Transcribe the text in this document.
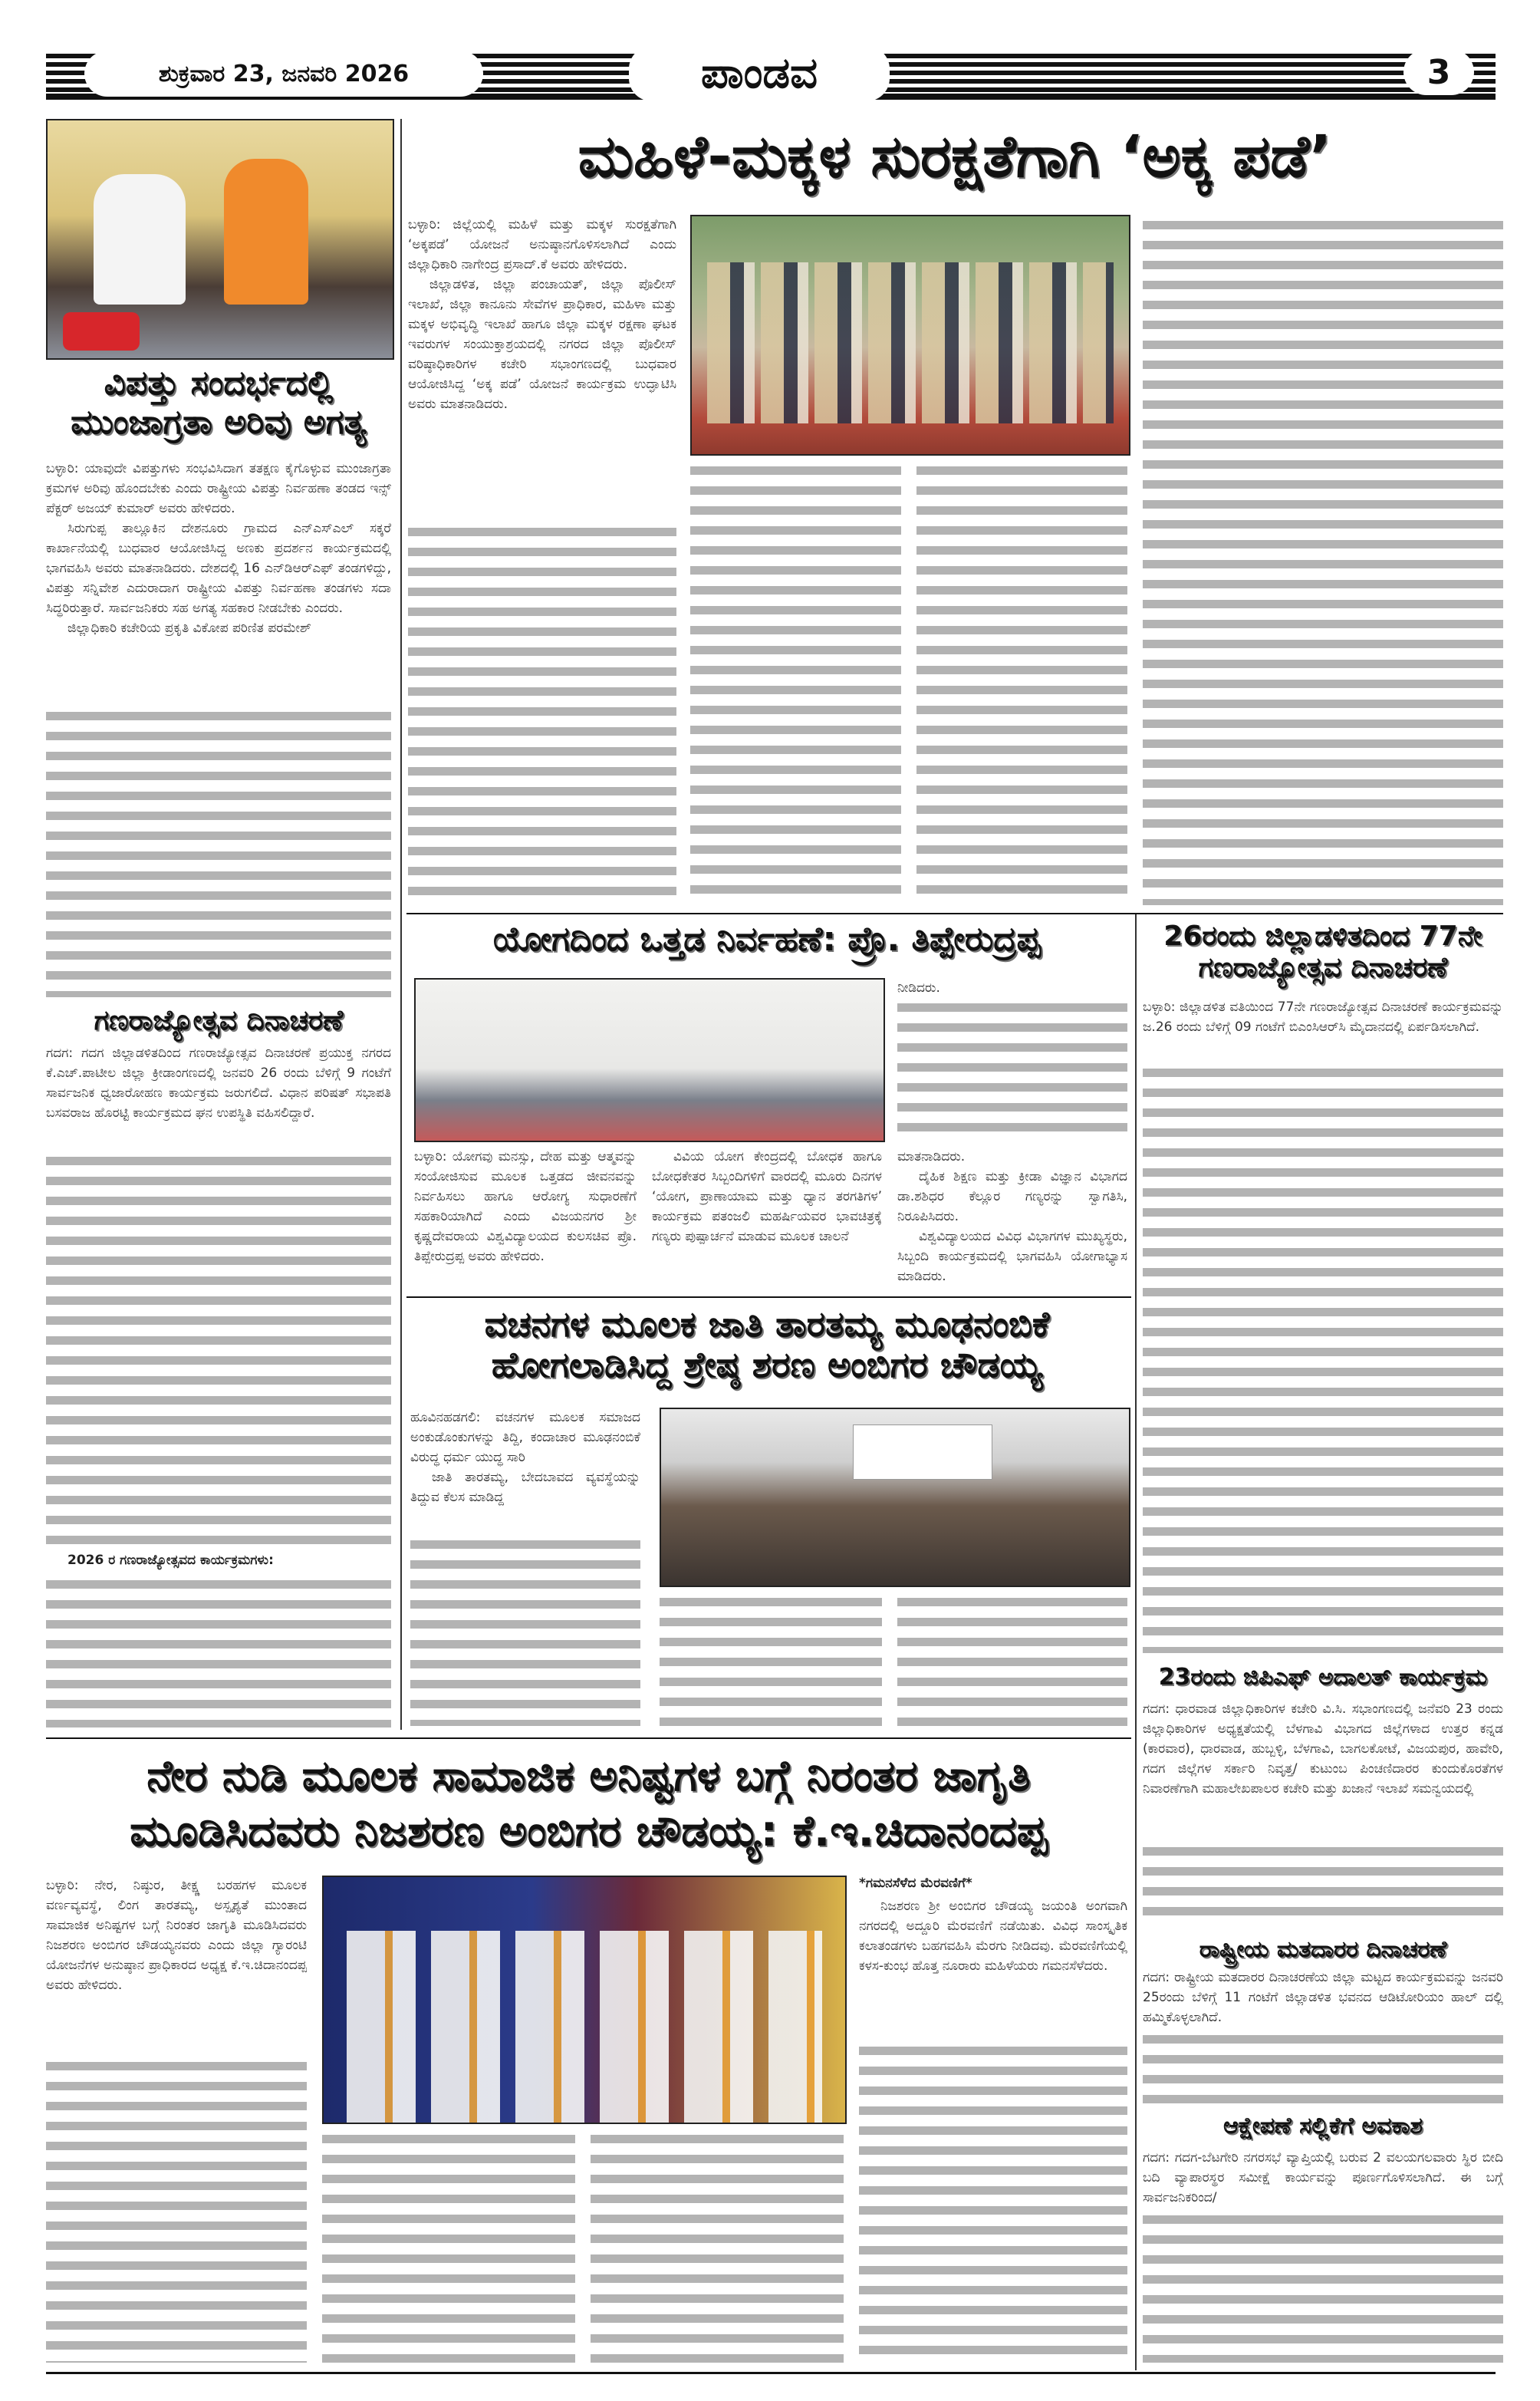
ಶುಕ್ರವಾರ 23, ಜನವರಿ 2026	ಪಾಂಡವ	3
ವಿಪತ್ತು ಸಂದರ್ಭದಲ್ಲಿ
ಮುಂಜಾಗ್ರತಾ ಅರಿವು ಅಗತ್ಯ

ಬಳ್ಳಾರಿ: ಯಾವುದೇ ವಿಪತ್ತುಗಳು ಸಂಭವಿಸಿದಾಗ ತತಕ್ಷಣ ಕೈಗೊಳ್ಳುವ ಮುಂಜಾಗ್ರತಾ ಕ್ರಮಗಳ ಅರಿವು ಹೊಂದಬೇಕು ಎಂದು ರಾಷ್ಟ್ರೀಯ ವಿಪತ್ತು ನಿರ್ವಹಣಾ ತಂಡದ ಇನ್ಸ್ ಪೆಕ್ಟರ್ ಅಜಯ್ ಕುಮಾರ್ ಅವರು ಹೇಳಿದರು.

ಸಿರುಗುಪ್ಪ ತಾಲ್ಲೂಕಿನ ದೇಶನೂರು ಗ್ರಾಮದ ಎನ್‌ಎಸ್‌ಎಲ್ ಸಕ್ಕರೆ ಕಾರ್ಖಾನೆಯಲ್ಲಿ ಬುಧವಾರ ಆಯೋಜಿಸಿದ್ದ ಅಣಕು ಪ್ರದರ್ಶನ ಕಾರ್ಯಕ್ರಮದಲ್ಲಿ ಭಾಗವಹಿಸಿ ಅವರು ಮಾತನಾಡಿದರು. ದೇಶದಲ್ಲಿ 16 ಎನ್‌ಡಿಆರ್‌ಎಫ್ ತಂಡಗಳಿದ್ದು, ವಿಪತ್ತು ಸನ್ನಿವೇಶ ಎದುರಾದಾಗ ರಾಷ್ಟ್ರೀಯ ವಿಪತ್ತು ನಿರ್ವಹಣಾ ತಂಡಗಳು ಸದಾ ಸಿದ್ಧರಿರುತ್ತಾರೆ. ಸಾರ್ವಜನಿಕರು ಸಹ ಅಗತ್ಯ ಸಹಕಾರ ನೀಡಬೇಕು ಎಂದರು.

ಜಿಲ್ಲಾಧಿಕಾರಿ ಕಚೇರಿಯ ಪ್ರಕೃತಿ ವಿಕೋಪ ಪರಿಣಿತ ಪರಮೇಶ್

ಗಣರಾಜ್ಯೋತ್ಸವ ದಿನಾಚರಣೆ

ಗದಗ: ಗದಗ ಜಿಲ್ಲಾಡಳಿತದಿಂದ ಗಣರಾಜ್ಯೋತ್ಸವ ದಿನಾಚರಣೆ ಪ್ರಯುಕ್ತ ನಗರದ ಕೆ.ಎಚ್.ಪಾಟೀಲ ಜಿಲ್ಲಾ ಕ್ರೀಡಾಂಗಣದಲ್ಲಿ ಜನವರಿ 26 ರಂದು ಬೆಳಿಗ್ಗೆ 9 ಗಂಟೆಗೆ ಸಾರ್ವಜನಿಕ ಧ್ವಜಾರೋಹಣ ಕಾರ್ಯಕ್ರಮ ಜರುಗಲಿದೆ. ವಿಧಾನ ಪರಿಷತ್ ಸಭಾಪತಿ ಬಸವರಾಜ ಹೊರಟ್ಟಿ ಕಾರ್ಯಕ್ರಮದ ಘನ ಉಪಸ್ಥಿತಿ ವಹಿಸಲಿದ್ದಾರೆ.

2026 ರ ಗಣರಾಜ್ಯೋತ್ಸವದ ಕಾರ್ಯಕ್ರಮಗಳು:
ಮಹಿಳೆ-ಮಕ್ಕಳ ಸುರಕ್ಷತೆಗಾಗಿ ‘ಅಕ್ಕ ಪಡೆ’

ಬಳ್ಳಾರಿ: ಜಿಲ್ಲೆಯಲ್ಲಿ ಮಹಿಳೆ ಮತ್ತು ಮಕ್ಕಳ ಸುರಕ್ಷತೆಗಾಗಿ ‘ಅಕ್ಕಪಡೆ’ ಯೋಜನೆ ಅನುಷ್ಠಾನಗೊಳಿಸಲಾಗಿದೆ ಎಂದು ಜಿಲ್ಲಾಧಿಕಾರಿ ನಾಗೇಂದ್ರ ಪ್ರಸಾದ್.ಕೆ ಅವರು ಹೇಳಿದರು.

ಜಿಲ್ಲಾಡಳಿತ, ಜಿಲ್ಲಾ ಪಂಚಾಯತ್, ಜಿಲ್ಲಾ ಪೊಲೀಸ್ ಇಲಾಖೆ, ಜಿಲ್ಲಾ ಕಾನೂನು ಸೇವೆಗಳ ಪ್ರಾಧಿಕಾರ, ಮಹಿಳಾ ಮತ್ತು ಮಕ್ಕಳ ಅಭಿವೃದ್ಧಿ ಇಲಾಖೆ ಹಾಗೂ ಜಿಲ್ಲಾ ಮಕ್ಕಳ ರಕ್ಷಣಾ ಘಟಕ ಇವರುಗಳ ಸಂಯುಕ್ತಾಶ್ರಯದಲ್ಲಿ ನಗರದ ಜಿಲ್ಲಾ ಪೊಲೀಸ್ ವರಿಷ್ಠಾಧಿಕಾರಿಗಳ ಕಚೇರಿ ಸಭಾಂಗಣದಲ್ಲಿ ಬುಧವಾರ ಆಯೋಜಿಸಿದ್ದ ‘ಅಕ್ಕ ಪಡೆ’ ಯೋಜನೆ ಕಾರ್ಯಕ್ರಮ ಉದ್ಘಾಟಿಸಿ ಅವರು ಮಾತನಾಡಿದರು.

ಯೋಗದಿಂದ ಒತ್ತಡ ನಿರ್ವಹಣೆ: ಪ್ರೊ. ತಿಪ್ಪೇರುದ್ರಪ್ಪ
ನೀಡಿದರು.

ಬಳ್ಳಾರಿ: ಯೋಗವು ಮನಸ್ಸು, ದೇಹ ಮತ್ತು ಆತ್ಮವನ್ನು ಸಂಯೋಜಿಸುವ ಮೂಲಕ ಒತ್ತಡದ ಜೀವನವನ್ನು ನಿರ್ವಹಿಸಲು ಹಾಗೂ ಆರೋಗ್ಯ ಸುಧಾರಣೆಗೆ ಸಹಕಾರಿಯಾಗಿದೆ ಎಂದು ವಿಜಯನಗರ ಶ್ರೀ ಕೃಷ್ಣದೇವರಾಯ ವಿಶ್ವವಿದ್ಯಾಲಯದ ಕುಲಸಚಿವ ಪ್ರೊ. ತಿಪ್ಪೇರುದ್ರಪ್ಪ ಅವರು ಹೇಳಿದರು.

ವಿವಿಯ ಯೋಗ ಕೇಂದ್ರದಲ್ಲಿ ಬೋಧಕ ಹಾಗೂ ಬೋಧಕೇತರ ಸಿಬ್ಬಂದಿಗಳಿಗೆ ವಾರದಲ್ಲಿ ಮೂರು ದಿನಗಳ ‘ಯೋಗ, ಪ್ರಾಣಾಯಾಮ ಮತ್ತು ಧ್ಯಾನ ತರಗತಿಗಳ’ ಕಾರ್ಯಕ್ರಮ ಪತಂಜಲಿ ಮಹರ್ಷಿಯವರ ಭಾವಚಿತ್ರಕ್ಕೆ ಗಣ್ಯರು ಪುಷ್ಪಾರ್ಚನೆ ಮಾಡುವ ಮೂಲಕ ಚಾಲನೆ

ಮಾತನಾಡಿದರು.

ದೈಹಿಕ ಶಿಕ್ಷಣ ಮತ್ತು ಕ್ರೀಡಾ ವಿಜ್ಞಾನ ವಿಭಾಗದ ಡಾ.ಶಶಿಧರ ಕೆಲ್ಲೂರ ಗಣ್ಯರನ್ನು ಸ್ವಾಗತಿಸಿ, ನಿರೂಪಿಸಿದರು.

ವಿಶ್ವವಿದ್ಯಾಲಯದ ವಿವಿಧ ವಿಭಾಗಗಳ ಮುಖ್ಯಸ್ಥರು, ಸಿಬ್ಬಂದಿ ಕಾರ್ಯಕ್ರಮದಲ್ಲಿ ಭಾಗವಹಿಸಿ ಯೋಗಾಭ್ಯಾಸ ಮಾಡಿದರು.

26ರಂದು ಜಿಲ್ಲಾಡಳಿತದಿಂದ 77ನೇ
ಗಣರಾಜ್ಯೋತ್ಸವ ದಿನಾಚರಣೆ

ಬಳ್ಳಾರಿ: ಜಿಲ್ಲಾಡಳಿತ ವತಿಯಿಂದ 77ನೇ ಗಣರಾಜ್ಯೋತ್ಸವ ದಿನಾಚರಣೆ ಕಾರ್ಯಕ್ರಮವನ್ನು ಜ.26 ರಂದು ಬೆಳಿಗ್ಗೆ 09 ಗಂಟೆಗೆ ಬಿಎಂಸಿಆರ್‌ಸಿ ಮೈದಾನದಲ್ಲಿ ಏರ್ಪಡಿಸಲಾಗಿದೆ.

ವಚನಗಳ ಮೂಲಕ ಜಾತಿ ತಾರತಮ್ಯ ಮೂಢನಂಬಿಕೆ
ಹೋಗಲಾಡಿಸಿದ್ದ ಶ್ರೇಷ್ಠ ಶರಣ ಅಂಬಿಗರ ಚೌಡಯ್ಯ

ಹೂವಿನಹಡಗಲಿ: ವಚನಗಳ ಮೂಲಕ ಸಮಾಜದ ಅಂಕುಡೊಂಕುಗಳನ್ನು ತಿದ್ದಿ, ಕಂದಾಚಾರ ಮೂಢನಂಬಿಕೆ ವಿರುದ್ಧ ಧರ್ಮ ಯುದ್ಧ ಸಾರಿ

ಜಾತಿ ತಾರತಮ್ಯ, ಬೇದಬಾವದ ವ್ಯವಸ್ಥೆಯನ್ನು ತಿದ್ದುವ ಕೆಲಸ ಮಾಡಿದ್ದ

23ರಂದು ಜಿಪಿಎಫ್ ಅದಾಲತ್ ಕಾರ್ಯಕ್ರಮ

ಗದಗ: ಧಾರವಾಡ ಜಿಲ್ಲಾಧಿಕಾರಿಗಳ ಕಚೇರಿ ವಿ.ಸಿ. ಸಭಾಂಗಣದಲ್ಲಿ ಜನೆವರಿ 23 ರಂದು ಜಿಲ್ಲಾಧಿಕಾರಿಗಳ ಅಧ್ಯಕ್ಷತೆಯಲ್ಲಿ ಬೆಳಗಾವಿ ವಿಭಾಗದ ಜಿಲ್ಲೆಗಳಾದ ಉತ್ತರ ಕನ್ನಡ (ಕಾರವಾರ), ಧಾರವಾಡ, ಹುಬ್ಬಳ್ಳಿ, ಬೆಳಗಾವಿ, ಬಾಗಲಕೋಟೆ, ವಿಜಯಪುರ, ಹಾವೇರಿ, ಗದಗ ಜಿಲ್ಲೆಗಳ ಸರ್ಕಾರಿ ನಿವೃತ್ತ/ ಕುಟುಂಬ ಪಿಂಚಣಿದಾರರ ಕುಂದುಕೊರತೆಗಳ ನಿವಾರಣೆಗಾಗಿ ಮಹಾಲೇಖಪಾಲರ ಕಚೇರಿ ಮತ್ತು ಖಜಾನೆ ಇಲಾಖೆ ಸಮನ್ವಯದಲ್ಲಿ

ರಾಷ್ಟ್ರೀಯ ಮತದಾರರ ದಿನಾಚರಣೆ

ಗದಗ: ರಾಷ್ಟ್ರೀಯ ಮತದಾರರ ದಿನಾಚರಣೆಯ ಜಿಲ್ಲಾ ಮಟ್ಟದ ಕಾರ್ಯಕ್ರಮವನ್ನು ಜನವರಿ 25ರಂದು ಬೆಳಿಗ್ಗೆ 11 ಗಂಟೆಗೆ ಜಿಲ್ಲಾಡಳಿತ ಭವನದ ಆಡಿಟೋರಿಯಂ ಹಾಲ್ ದಲ್ಲಿ ಹಮ್ಮಿಕೊಳ್ಳಲಾಗಿದೆ.

ಆಕ್ಷೇಪಣೆ ಸಲ್ಲಿಕೆಗೆ ಅವಕಾಶ

ಗದಗ: ಗದಗ-ಬೆಟಗೇರಿ ನಗರಸಭೆ ವ್ಯಾಪ್ತಿಯಲ್ಲಿ ಬರುವ 2 ವಲಯಗಲವಾರು ಸ್ಥಿರ ಬೀದಿ ಬದಿ ವ್ಯಾಪಾರಸ್ಥರ ಸಮೀಕ್ಷೆ ಕಾರ್ಯವನ್ನು ಪೂರ್ಣಗೊಳಿಸಲಾಗಿದೆ. ಈ ಬಗ್ಗೆ ಸಾರ್ವಜನಿಕರಿಂದ/

ನೇರ ನುಡಿ ಮೂಲಕ ಸಾಮಾಜಿಕ ಅನಿಷ್ಟಗಳ ಬಗ್ಗೆ ನಿರಂತರ ಜಾಗೃತಿ
ಮೂಡಿಸಿದವರು ನಿಜಶರಣ ಅಂಬಿಗರ ಚೌಡಯ್ಯ: ಕೆ.ಇ.ಚಿದಾನಂದಪ್ಪ

ಬಳ್ಳಾರಿ: ನೇರ, ನಿಷ್ಠುರ, ತೀಕ್ಷ್ಣ ಬರಹಗಳ ಮೂಲಕ ವರ್ಣವ್ಯವಸ್ಥೆ, ಲಿಂಗ ತಾರತಮ್ಯ, ಅಸ್ಪೃಶ್ಯತೆ ಮುಂತಾದ ಸಾಮಾಜಿಕ ಅನಿಷ್ಟಗಳ ಬಗ್ಗೆ ನಿರಂತರ ಜಾಗೃತಿ ಮೂಡಿಸಿದವರು ನಿಜಶರಣ ಅಂಬಿಗರ ಚೌಡಯ್ಯನವರು ಎಂದು ಜಿಲ್ಲಾ ಗ್ಯಾರಂಟಿ ಯೋಜನೆಗಳ ಅನುಷ್ಠಾನ ಪ್ರಾಧಿಕಾರದ ಅಧ್ಯಕ್ಷ ಕೆ.ಇ.ಚಿದಾನಂದಪ್ಪ ಅವರು ಹೇಳಿದರು.

*ಗಮನಸೆಳೆದ ಮೆರವಣಿಗೆ*

ನಿಜಶರಣ ಶ್ರೀ ಅಂಬಿಗರ ಚೌಡಯ್ಯ ಜಯಂತಿ ಅಂಗವಾಗಿ ನಗರದಲ್ಲಿ ಅದ್ದೂರಿ ಮೆರವಣಿಗೆ ನಡೆಯಿತು. ವಿವಿಧ ಸಾಂಸ್ಕೃತಿಕ ಕಲಾತಂಡಗಳು ಬಹಗವಹಿಸಿ ಮೆರಗು ನೀಡಿದವು. ಮೆರವಣಿಗೆಯಲ್ಲಿ ಕಳಸ-ಕುಂಭ ಹೊತ್ತ ನೂರಾರು ಮಹಿಳೆಯರು ಗಮನಸೆಳೆದರು.
